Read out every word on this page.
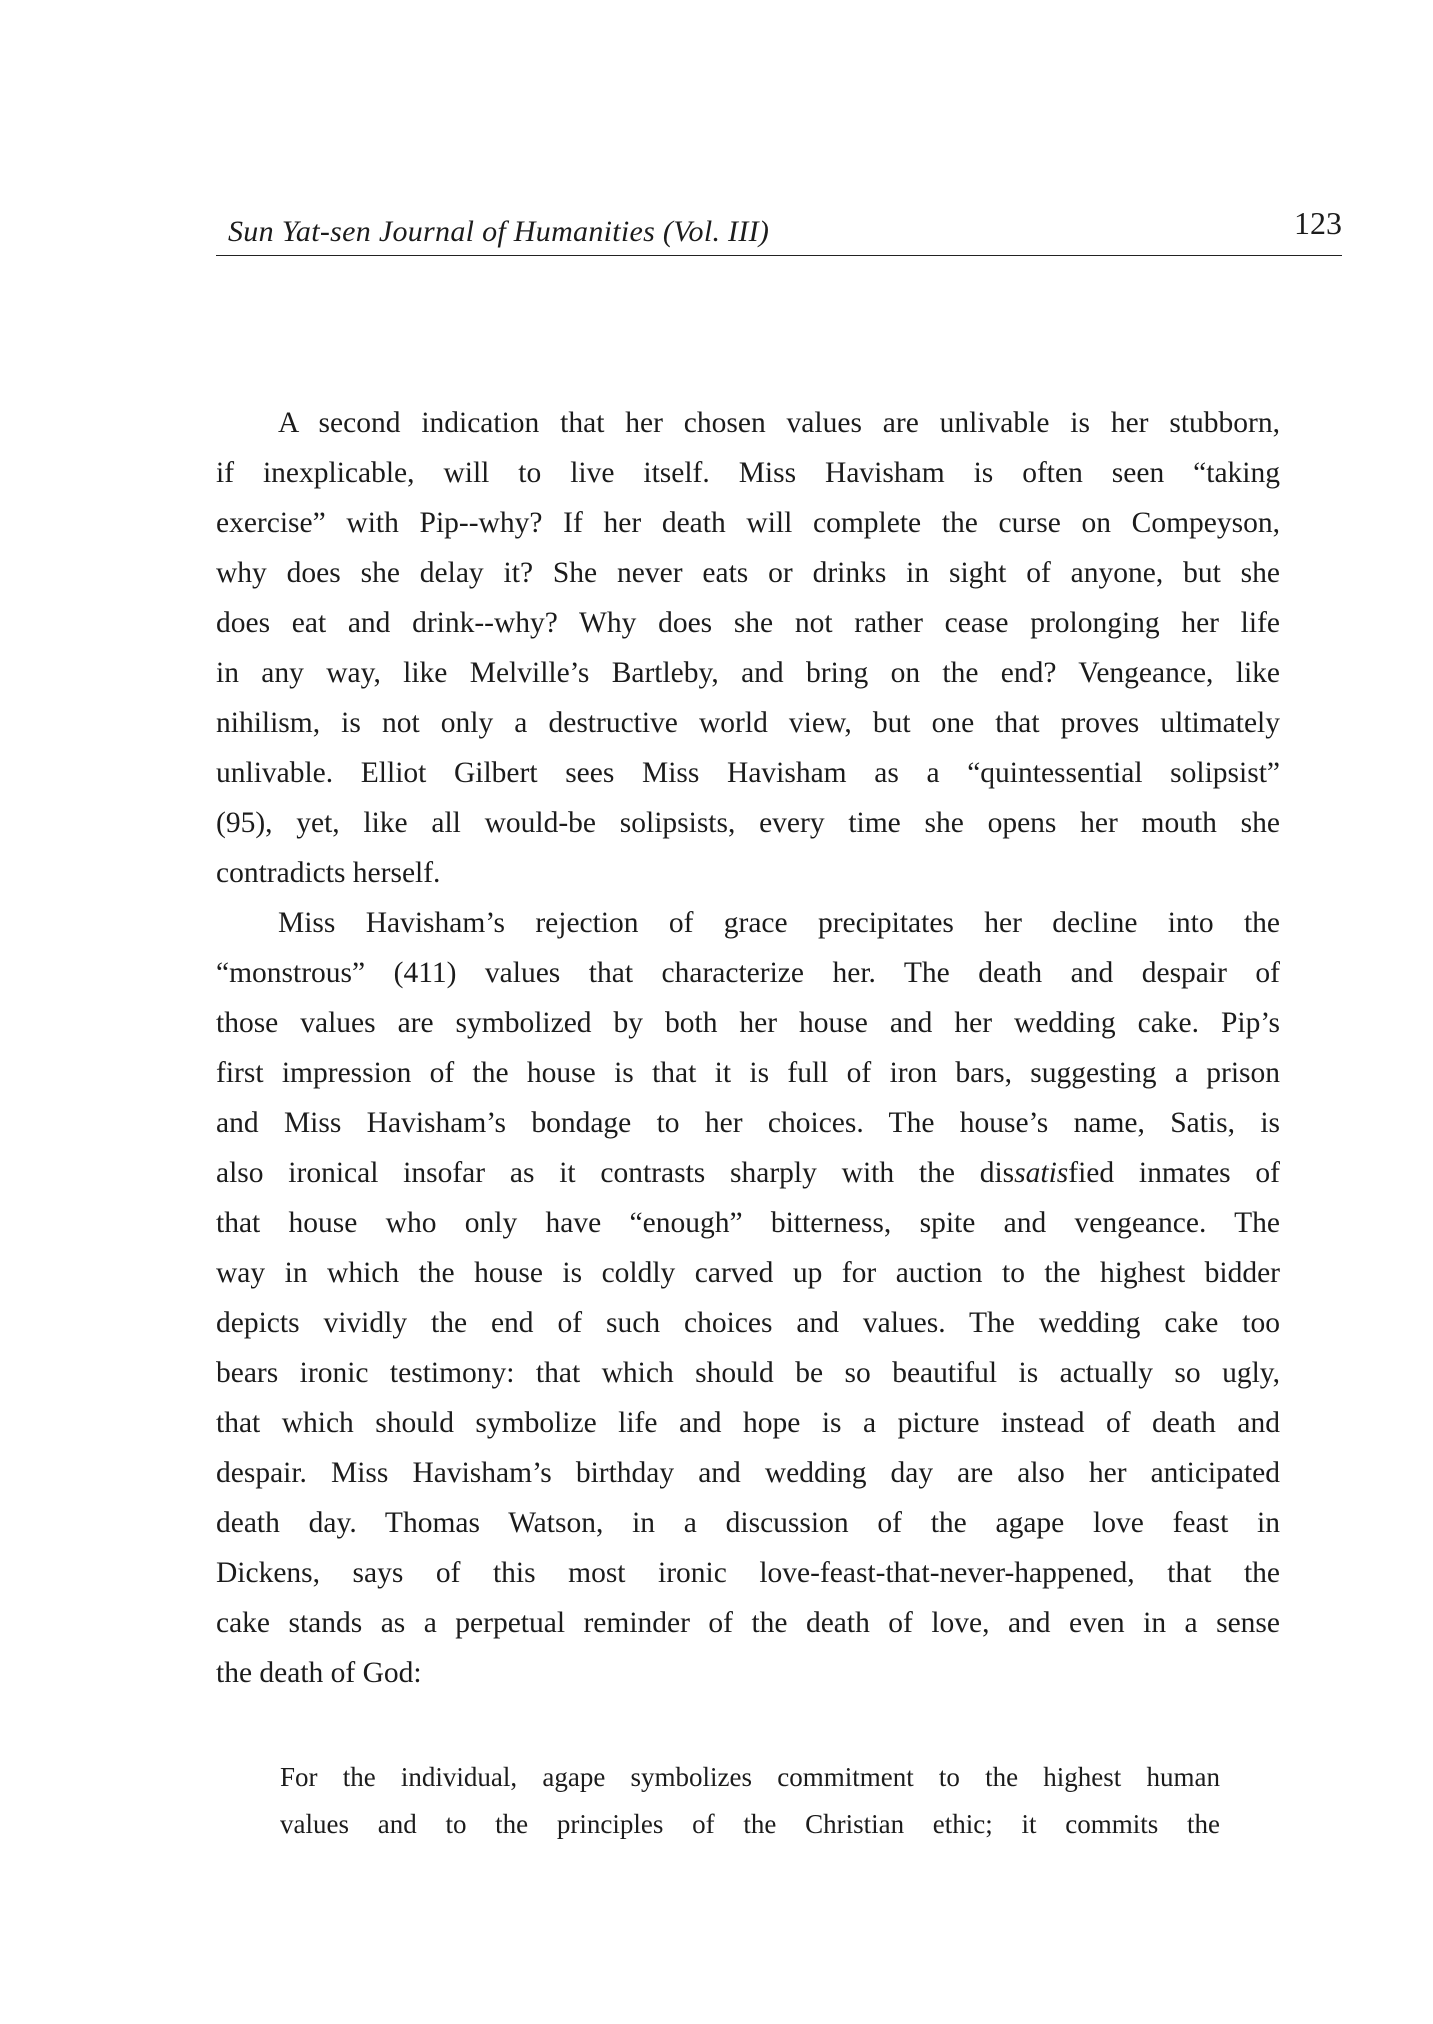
Sun Yat-sen Journal of Humanities (Vol. III)	123
A second indication that her chosen values are unlivable is her stubborn,
if inexplicable, will to live itself. Miss Havisham is often seen “taking
exercise” with Pip--why? If her death will complete the curse on Compeyson,
why does she delay it? She never eats or drinks in sight of anyone, but she
does eat and drink--why? Why does she not rather cease prolonging her life
in any way, like Melville’s Bartleby, and bring on the end? Vengeance, like
nihilism, is not only a destructive world view, but one that proves ultimately
unlivable. Elliot Gilbert sees Miss Havisham as a “quintessential solipsist”
(95), yet, like all would-be solipsists, every time she opens her mouth she
contradicts herself.
Miss Havisham’s rejection of grace precipitates her decline into the
“monstrous” (411) values that characterize her. The death and despair of
those values are symbolized by both her house and her wedding cake. Pip’s
first impression of the house is that it is full of iron bars, suggesting a prison
and Miss Havisham’s bondage to her choices. The house’s name, Satis, is
also ironical insofar as it contrasts sharply with the dissatisfied inmates of
that house who only have “enough” bitterness, spite and vengeance. The
way in which the house is coldly carved up for auction to the highest bidder
depicts vividly the end of such choices and values. The wedding cake too
bears ironic testimony: that which should be so beautiful is actually so ugly,
that which should symbolize life and hope is a picture instead of death and
despair. Miss Havisham’s birthday and wedding day are also her anticipated
death day. Thomas Watson, in a discussion of the agape love feast in
Dickens, says of this most ironic love-feast-that-never-happened, that the
cake stands as a perpetual reminder of the death of love, and even in a sense
the death of God:
For the individual, agape symbolizes commitment to the highest human
values and to the principles of the Christian ethic; it commits the
